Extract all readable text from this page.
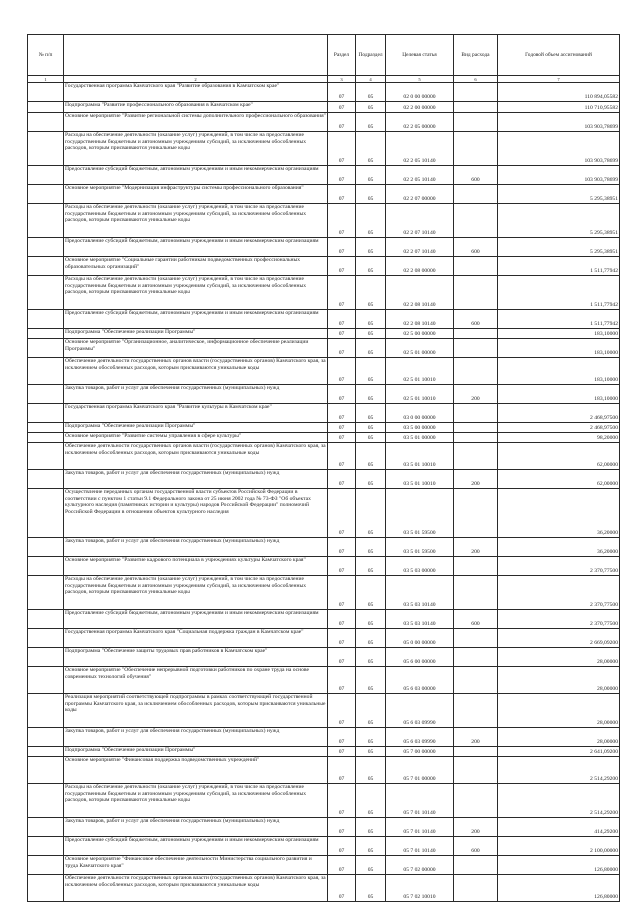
№ п/п		Раздел	Подраздел	Целевая статья	Вид расхода	Годовой объем ассигнований
1	2	3	4	5	6	7
	Государственная программа Камчатского края "Развитие образования в Камчатском крае"	07	05	02 0 00 00000		110 894,05582
	Подпрограмма "Развитие профессионального образования в Камчатском крае"	07	05	02 2 00 00000		110 710,95582
	Основное мероприятие "Развитие региональной системы дополнительного профессионального образования"	07	05	02 2 05 00000		103 903,78699
	Расходы на обеспечение деятельности (оказание услуг) учреждений, в том числе на предоставление государственным бюджетным и автономным учреждениям субсидий, за исключением обособленных расходов, которым присваиваются уникальные коды	07	05	02 2 05 10140		103 903,78699
	Предоставление субсидий бюджетным, автономным учреждениям и иным некоммерческим организациям	07	05	02 2 05 10140	600	103 903,78699
	Основное мероприятие "Модернизация инфраструктуры системы профессионального образования"	07	05	02 2 07 00000		5 295,38951
	Расходы на обеспечение деятельности (оказание услуг) учреждений, в том числе на предоставление государственным бюджетным и автономным учреждениям субсидий, за исключением обособленных расходов, которым присваиваются уникальные коды	07	05	02 2 07 10140		5 295,38951
	Предоставление субсидий бюджетным, автономным учреждениям и иным некоммерческим организациям	07	05	02 2 07 10140	600	5 295,38951
	Основное мероприятие "Социальные гарантии работникам подведомственных профессиональных образовательных организаций"	07	05	02 2 08 00000		1 511,77942
	Расходы на обеспечение деятельности (оказание услуг) учреждений, в том числе на предоставление государственным бюджетным и автономным учреждениям субсидий, за исключением обособленных расходов, которым присваиваются уникальные коды	07	05	02 2 08 10140		1 511,77942
	Предоставление субсидий бюджетным, автономным учреждениям и иным некоммерческим организациям	07	05	02 2 08 10140	600	1 511,77942
	Подпрограмма "Обеспечение реализации Программы"	07	05	02 5 00 00000		183,10000
	Основное мероприятие "Организационное, аналитическое, информационное обеспечение реализации Программы"	07	05	02 5 01 00000		183,10000
	Обеспечение деятельности государственных органов власти (государственных органов) Камчатского края, за исключением обособленных расходов, которым присваиваются уникальные коды	07	05	02 5 01 10010		183,10000
	Закупка товаров, работ и услуг для обеспечения государственных (муниципальных) нужд	07	05	02 5 01 10010	200	183,10000
	Государственная программа Камчатского края "Развитие культуры в Камчатском крае"	07	05	03 0 00 00000		2 468,97500
	Подпрограмма "Обеспечение реализации Программы"	07	05	03 5 00 00000		2 468,97500
	Основное мероприятие "Развитие системы управления в сфере культуры"	07	05	03 5 01 00000		98,20000
	Обеспечение деятельности государственных органов власти (государственных органов) Камчатского края, за исключением обособленных расходов, которым присваиваются уникальные коды	07	05	03 5 01 10010		62,00000
	Закупка товаров, работ и услуг для обеспечения государственных (муниципальных) нужд	07	05	03 5 01 10010	200	62,00000
	Осуществление переданных органам государственной власти субъектов Российской Федерации в соответствии с пунктом 1 статьи 9.1 Федерального закона от 25 июня 2002 года № 73-ФЗ "Об объектах культурного наследия (памятниках истории и культуры) народов Российской Федерации" полномочий Российской Федерации в отношении объектов культурного наследия	07	05	03 5 01 59500		36,20000
	Закупка товаров, работ и услуг для обеспечения государственных (муниципальных) нужд	07	05	03 5 01 59500	200	36,20000
	Основное мероприятие "Развитие кадрового потенциала в учреждениях культуры Камчатского края"	07	05	03 5 03 00000		2 370,77500
	Расходы на обеспечение деятельности (оказание услуг) учреждений, в том числе на предоставление государственным бюджетным и автономным учреждениям субсидий, за исключением обособленных расходов, которым присваиваются уникальные коды	07	05	03 5 03 10140		2 370,77500
	Предоставление субсидий бюджетным, автономным учреждениям и иным некоммерческим организациям	07	05	03 5 03 10140	600	2 370,77500
	Государственная программа Камчатского края "Социальная поддержка граждан в Камчатском крае"	07	05	05 0 00 00000		2 669,09200
	Подпрограмма "Обеспечение защиты трудовых прав работников в Камчатском крае"	07	05	05 6 00 00000		28,00000
	Основное мероприятие "Обеспечение непрерывной подготовки работников по охране труда на основе современных технологий обучения"	07	05	05 6 03 00000		28,00000
	Реализация мероприятий соответствующей подпрограммы в рамках соответствующей государственной программы Камчатского края, за исключением обособленных расходов, которым присваиваются уникальные коды	07	05	05 6 03 09990		28,00000
	Закупка товаров, работ и услуг для обеспечения государственных (муниципальных) нужд	07	05	05 6 03 09990	200	28,00000
	Подпрограмма "Обеспечение реализации Программы"	07	05	05 7 00 00000		2 641,09200
	Основное мероприятие "Финансовая поддержка подведомственных учреждений"	07	05	05 7 01 00000		2 514,29200
	Расходы на обеспечение деятельности (оказание услуг) учреждений, в том числе на предоставление государственным бюджетным и автономным учреждениям субсидий, за исключением обособленных расходов, которым присваиваются уникальные коды	07	05	05 7 01 10140		2 514,29200
	Закупка товаров, работ и услуг для обеспечения государственных (муниципальных) нужд	07	05	05 7 01 10140	200	414,29200
	Предоставление субсидий бюджетным, автономным учреждениям и иным некоммерческим организациям	07	05	05 7 01 10140	600	2 100,00000
	Основное мероприятие "Финансовое обеспечение деятельности Министерства социального развития и труда Камчатского края"	07	05	05 7 02 00000		126,80000
	Обеспечение деятельности государственных органов власти (государственных органов) Камчатского края, за исключением обособленных расходов, которым присваиваются уникальные коды	07	05	05 7 02 10010		126,80000
